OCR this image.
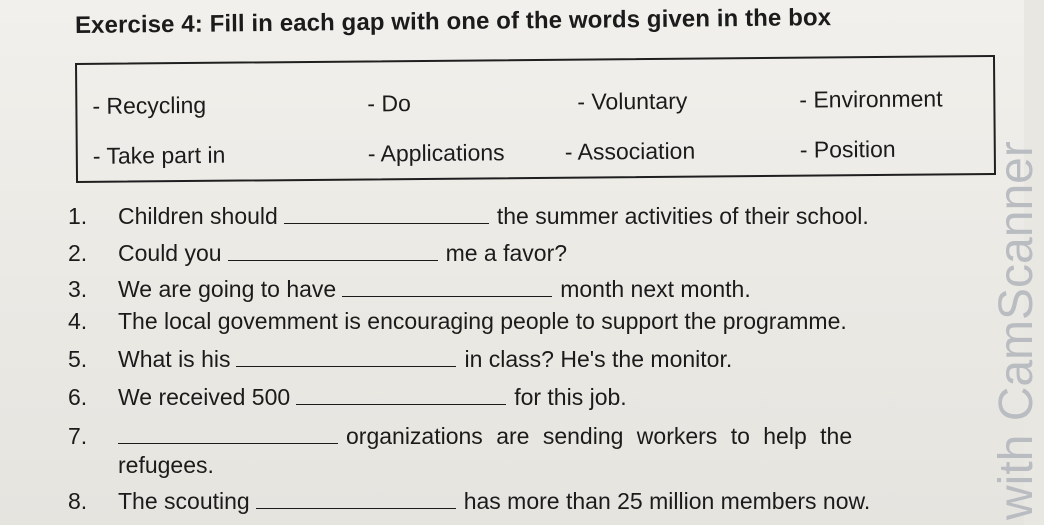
Exercise 4: Fill in each gap with one of the words given in the box
- Recycling	- Do	- Voluntary	- Environment
- Take part in	- Applications	- Association	- Position
1. Children should	the summer activities of their school.
2. Could you	me a favor?
3. We are going to have	month next month.
4. The local govemment is encouraging people to support the programme.
5. What is his	in class? He's the monitor.
6. We received 500	for this job.
7.	organizations are sending workers to help the
refugees.
8. The scouting	has more than 25 million members now. with CamScanner
